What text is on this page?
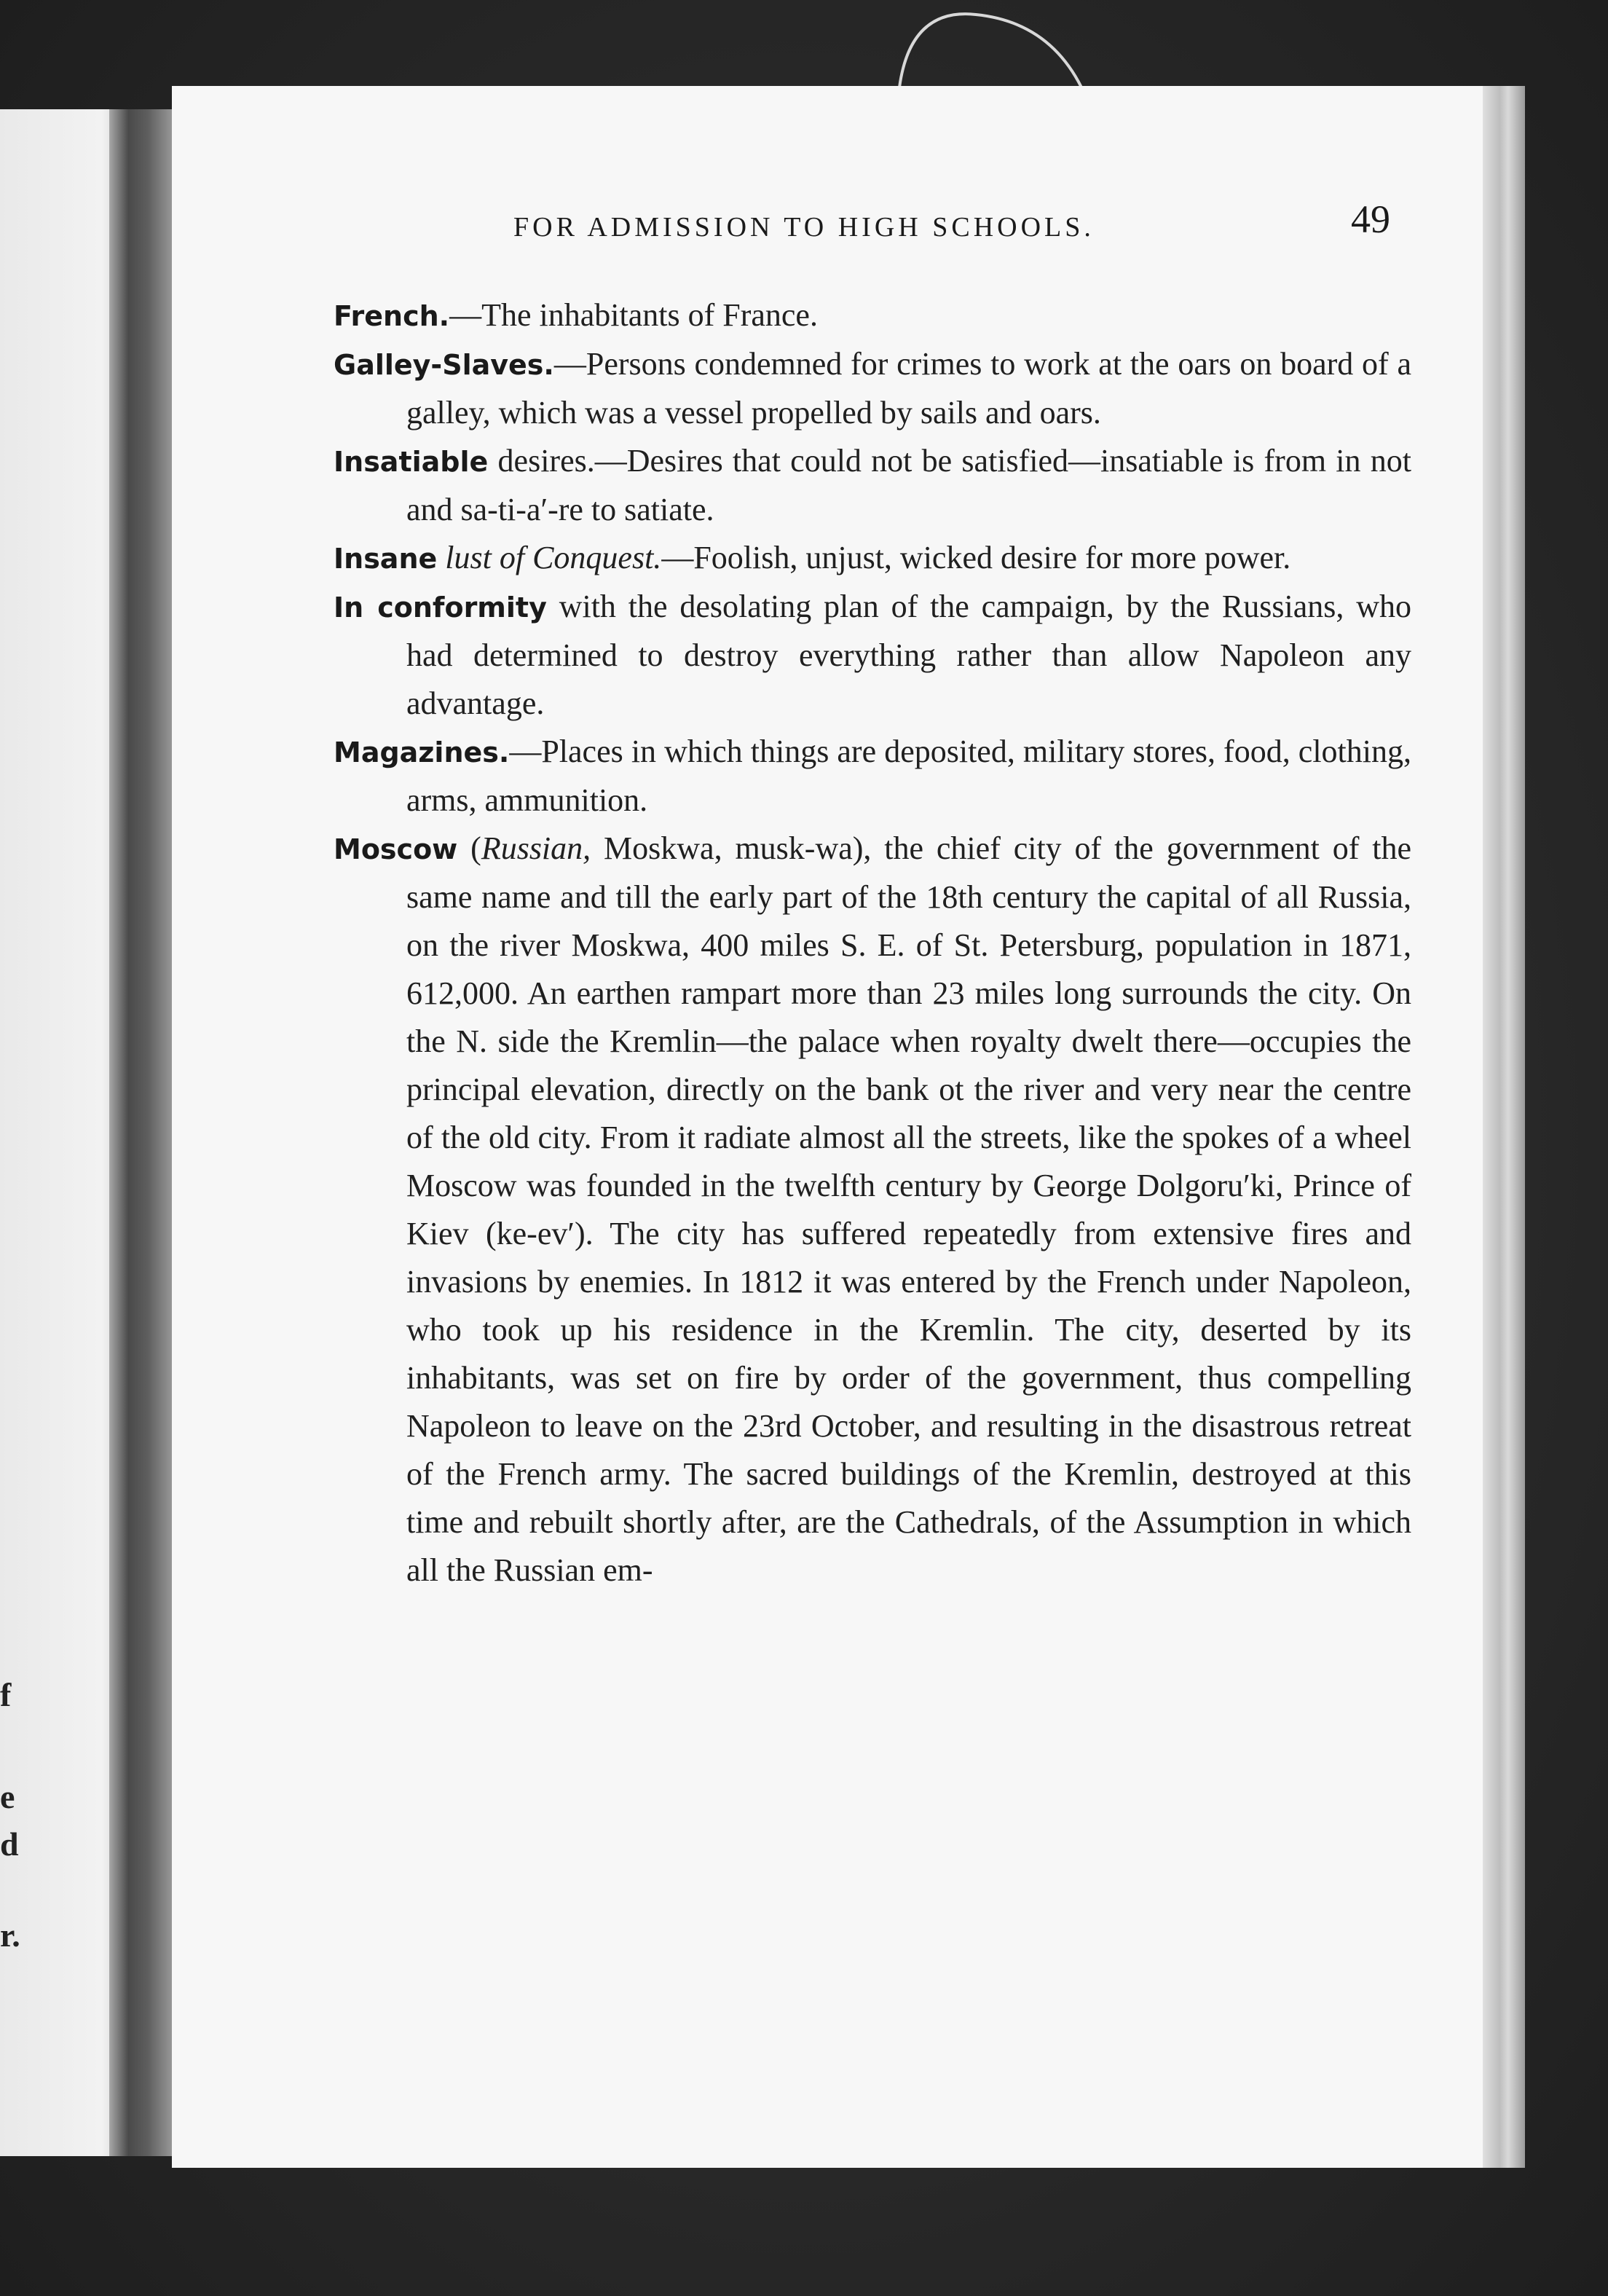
f
e
d
r.
FOR ADMISSION TO HIGH SCHOOLS.	49

French.—The inhabitants of France.

Galley-Slaves.—Persons condemned for crimes to work at the oars on board of a galley, which was a vessel propelled by sails and oars.

Insatiable desires.—Desires that could not be satisfied—insatiable is from in not and sa-ti-a′-re to satiate.

Insane lust of Conquest.—Foolish, unjust, wicked desire for more power.

In conformity with the desolating plan of the campaign, by the Russians, who had determined to destroy everything rather than allow Napoleon any advantage.

Magazines.—Places in which things are deposited, military stores, food, clothing, arms, ammunition.

Moscow (Russian, Moskwa, musk-wa), the chief city of the government of the same name and till the early part of the 18th century the capital of all Russia, on the river Moskwa, 400 miles S. E. of St. Petersburg, population in 1871, 612,000. An earthen rampart more than 23 miles long surrounds the city. On the N. side the Kremlin—the palace when royalty dwelt there—occupies the principal elevation, directly on the bank ot the river and very near the centre of the old city. From it radiate almost all the streets, like the spokes of a wheel Moscow was founded in the twelfth century by George Dolgoru′ki, Prince of Kiev (ke-ev′). The city has suffered repeatedly from extensive fires and invasions by enemies. In 1812 it was entered by the French under Napoleon, who took up his residence in the Kremlin. The city, deserted by its inhabitants, was set on fire by order of the government, thus compelling Napoleon to leave on the 23rd October, and resulting in the disastrous retreat of the French army. The sacred buildings of the Kremlin, destroyed at this time and rebuilt shortly after, are the Cathedrals, of the Assumption in which all the Russian em-
